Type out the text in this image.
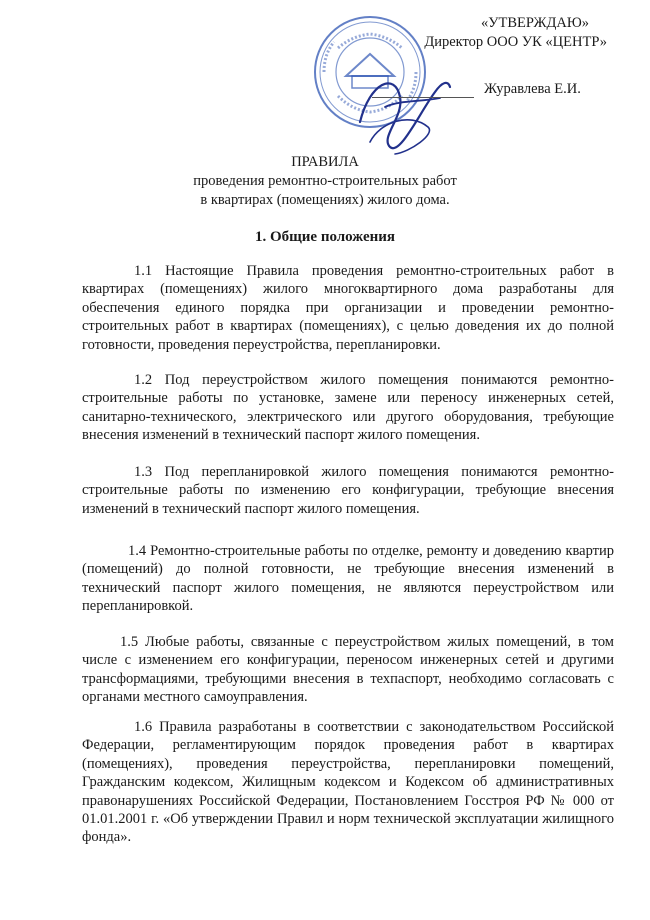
«УТВЕРЖДАЮ»
Директор ООО УК «ЦЕНТР»
Журавлева Е.И.
ПРАВИЛА
проведения ремонтно-строительных работ
в квартирах (помещениях) жилого дома.
1. Общие положения

1.1 Настоящие Правила проведения ремонтно-строительных работ в квартирах (помещениях) жилого многоквартирного дома разработаны для обеспечения единого порядка при организации и проведении ремонтно-строительных работ в квартирах (помещениях), с целью доведения их до полной готовности, проведения переустройства, перепланировки.

1.2 Под переустройством жилого помещения понимаются ремонтно-строительные работы по установке, замене или переносу инженерных сетей, санитарно-технического, электрического или другого оборудования, требующие внесения изменений в технический паспорт жилого помещения.

1.3 Под перепланировкой жилого помещения понимаются ремонтно-строительные работы по изменению его конфигурации, требующие внесения изменений в технический паспорт жилого помещения.

1.4 Ремонтно-строительные работы по отделке, ремонту и доведению квартир (помещений) до полной готовности, не требующие внесения изменений в технический паспорт жилого помещения, не являются переустройством или перепланировкой.

1.5 Любые работы, связанные с переустройством жилых помещений, в том числе с изменением его конфигурации, переносом инженерных сетей и другими трансформациями, требующими внесения в техпаспорт, необходимо согласовать с органами местного самоуправления.

1.6 Правила разработаны в соответствии с законодательством Российской Федерации, регламентирующим порядок проведения работ в квартирах (помещениях), проведения переустройства, перепланировки помещений, Гражданским кодексом, Жилищным кодексом и Кодексом об административных правонарушениях Российской Федерации, Постановлением Госстроя РФ № 000 от 01.01.2001 г. «Об утверждении Правил и норм технической эксплуатации жилищного фонда».
